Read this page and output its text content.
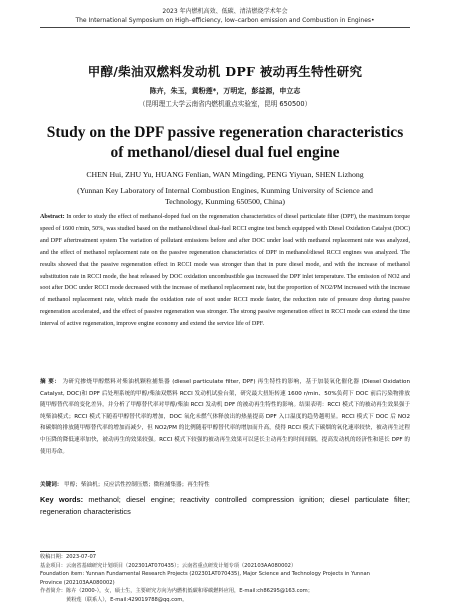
2023 年内燃机高效、低碳、清洁燃烧学术年会
The International Symposium on High–efficiency, low–carbon emission and Combustion in Engines•
甲醇/柴油双燃料发动机 DPF 被动再生特性研究
陈卉，朱玉，黄粉莲*，万明定，彭益源，申立志
（昆明理工大学云南省内燃机重点实验室，昆明 650500）
Study on the DPF passive regeneration characteristics of methanol/diesel dual fuel engine
CHEN Hui, ZHU Yu, HUANG Fenlian, WAN Mingding, PENG Yiyuan, SHEN Lizhong
(Yunnan Key Laboratory of Internal Combustion Engines, Kunming University of Science and Technology, Kunming 650500, China)
Abstract: In order to study the effect of methanol-doped fuel on the regeneration characteristics of diesel particulate filter (DPF), the maximum torque speed of 1600 r/min, 50%, was studied based on the methanol/diesel dual-fuel RCCI engine test bench equipped with Diesel Oxidation Catalyst (DOC) and DPF aftertreatment system The variation of pollutant emissions before and after DOC under load with methanol replacement rate was analyzed, and the effect of methanol replacement rate on the passive regeneration characteristics of DPF in methanol/diesel RCCI engines was analyzed. The results showed that the passive regeneration effect in RCCI mode was stronger than that in pure diesel mode, and with the increase of methanol substitution rate in RCCI mode, the heat released by DOC oxidation uncombustible gas increased the DPF inlet temperature. The emission of NO2 and soot after DOC under RCCI mode decreased with the increase of methanol replacement rate, but the proportion of NO2/PM increased with the increase of methanol replacement rate, which made the oxidation rate of soot under RCCI mode faster, the reduction rate of pressure drop during passive regeneration accelerated, and the effect of passive regeneration was stronger. The strong passive regeneration effect in RCCI mode can extend the time interval of active regeneration, improve engine economy and extend the service life of DPF.
摘 要： 为研究掺烧甲醇燃料对柴油机颗粒捕集器 (diesel particulate filter, DPF) 再生特性的影响，基于加装氧化催化器 (Diesel Oxidation Catalyst, DOC)和 DPF 后处理系统的甲醇/柴油双燃料 RCCI 发动机试验台架，研究最大扭矩转速 1600 r/min、50%负荷下 DOC 前后污染物排放随甲醇替代率的变化差异，并分析了甲醇替代率对甲醇/柴油 RCCI 发动机 DPF 的被动再生特性的影响。结果表明：RCCI 模式下的被动再生效果强于纯柴油模式；RCCI 模式下随着甲醇替代率的增加，DOC 氧化未燃气体释放出的热量提高 DPF 入口温度的趋势越明显。RCCI 模式下 DOC 后 NO2 和碳烟的排放随甲醇替代率的增加而减少，但 NO2/PM 的比例随着甲醇替代率的增加而升高，使得 RCCI 模式下碳烟的氧化速率较快，被动再生过程中压降的降低速率加快，被动再生的效果较强。RCCI 模式下较强的被动再生效果可以延长主动再生的时间间隔，提高发动机的经济性和延长 DPF 的使用寿命。
关键词： 甲醇；柴油机；反应活性控制压燃；微粒捕集器；再生特性
Key words: methanol; diesel engine; reactivity controlled compression ignition; diesel particulate filter; regeneration characteristics
收稿日期：2023-07-07
基金项目：云南省基础研究计划项目（202301AT070435）；云南省重点研发计划专项（202103AA080002）
Foundation item: Yunnan Fundamental Research Projects (202301AT070435), Major Science and Technology Projects in Yunnan
Province (202103AA080002)
作者简介：陈卉（2000-），女，硕士生，主要研究方向为内燃机低碳和零碳燃料应用，E-mail:ch86295@163.com；
黄粉莲（联系人），E-mail:429019788@qq.com。
